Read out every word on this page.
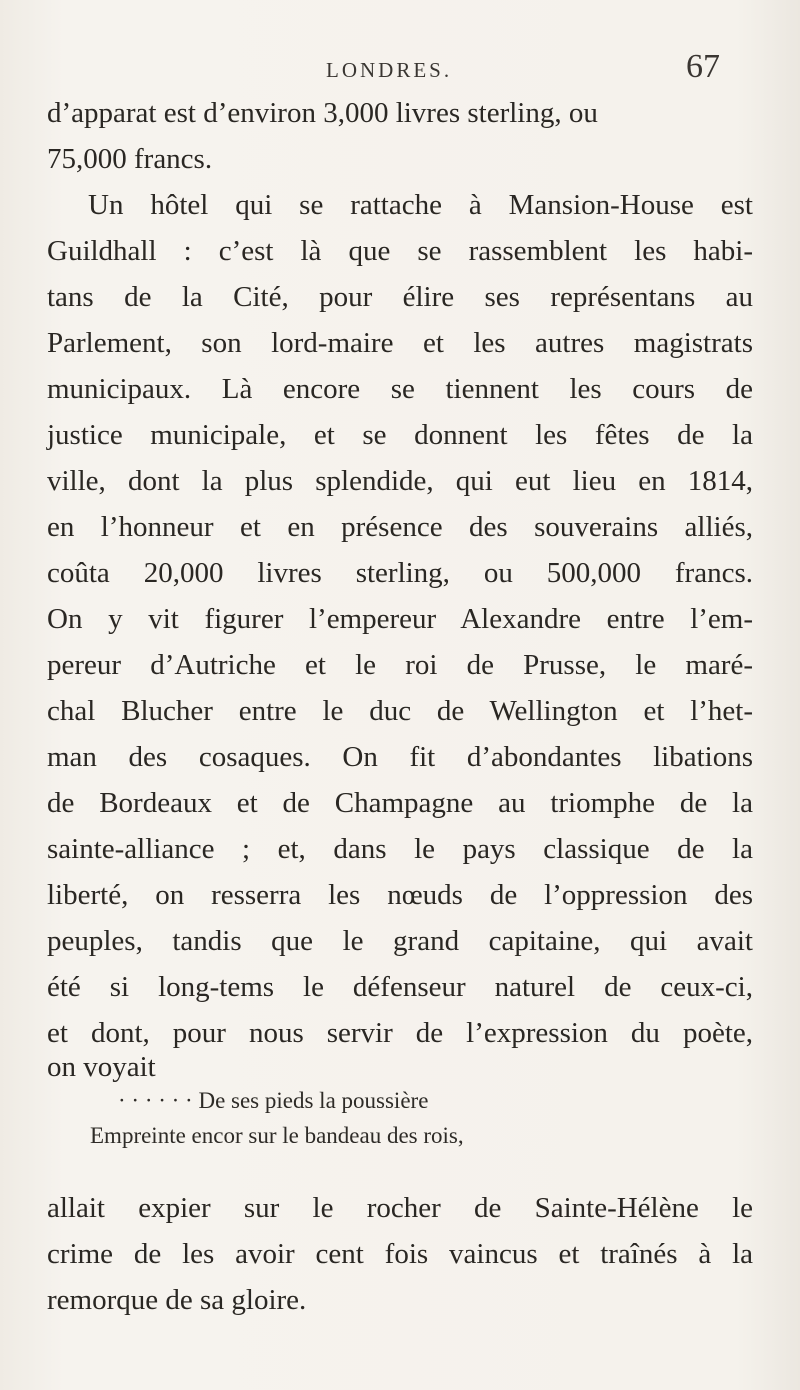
LONDRES.	67
d’apparat est d’environ 3,000 livres sterling, ou
75,000 francs.
Un hôtel qui se rattache à Mansion-House est
Guildhall : c’est là que se rassemblent les habi-
tans de la Cité, pour élire ses représentans au
Parlement, son lord-maire et les autres magistrats
municipaux. Là encore se tiennent les cours de
justice municipale, et se donnent les fêtes de la
ville, dont la plus splendide, qui eut lieu en 1814,
en l’honneur et en présence des souverains alliés,
coûta 20,000 livres sterling, ou 500,000 francs.
On y vit figurer l’empereur Alexandre entre l’em-
pereur d’Autriche et le roi de Prusse, le maré-
chal Blucher entre le duc de Wellington et l’het-
man des cosaques. On fit d’abondantes libations
de Bordeaux et de Champagne au triomphe de la
sainte-alliance ; et, dans le pays classique de la
liberté, on resserra les nœuds de l’oppression des
peuples, tandis que le grand capitaine, qui avait
été si long-tems le défenseur naturel de ceux-ci,
et dont, pour nous servir de l’expression du poète,
on voyait
· · · · · · De ses pieds la poussière
Empreinte encor sur le bandeau des rois,
allait expier sur le rocher de Sainte-Hélène le
crime de les avoir cent fois vaincus et traînés à la
remorque de sa gloire.
